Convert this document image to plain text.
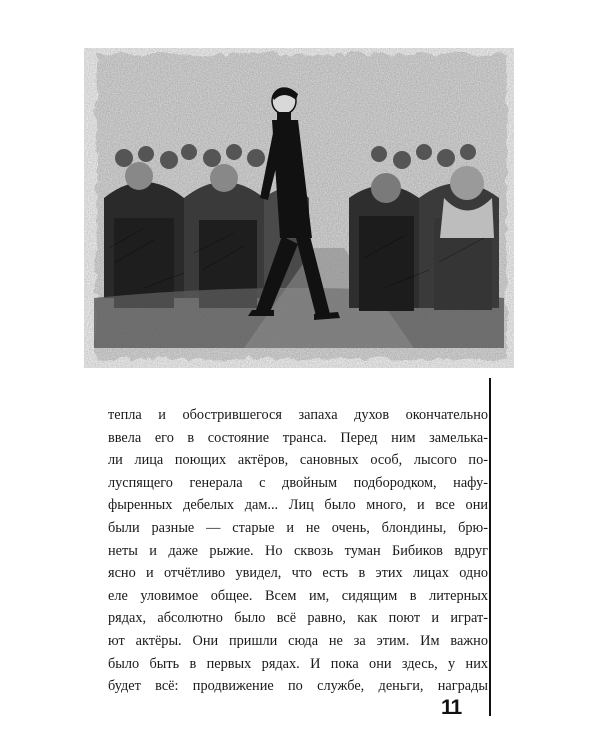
тепла и обострившегося запаха духов окончательно
ввела его в состояние транса. Перед ним замелька-
ли лица поющих актёров, сановных особ, лысого по-
луспящего генерала с двойным подбородком, нафу-
фыренных дебелых дам... Лиц было много, и все они
были разные — старые и не очень, блондины, брю-
неты и даже рыжие. Но сквозь туман Бибиков вдруг
ясно и отчётливо увидел, что есть в этих лицах одно
еле уловимое общее. Всем им, сидящим в литерных
рядах, абсолютно было всё равно, как поют и играт-
ют актёры. Они пришли сюда не за этим. Им важно
было быть в первых рядах. И пока они здесь, у них
будет всё: продвижение по службе, деньги, награды

11
